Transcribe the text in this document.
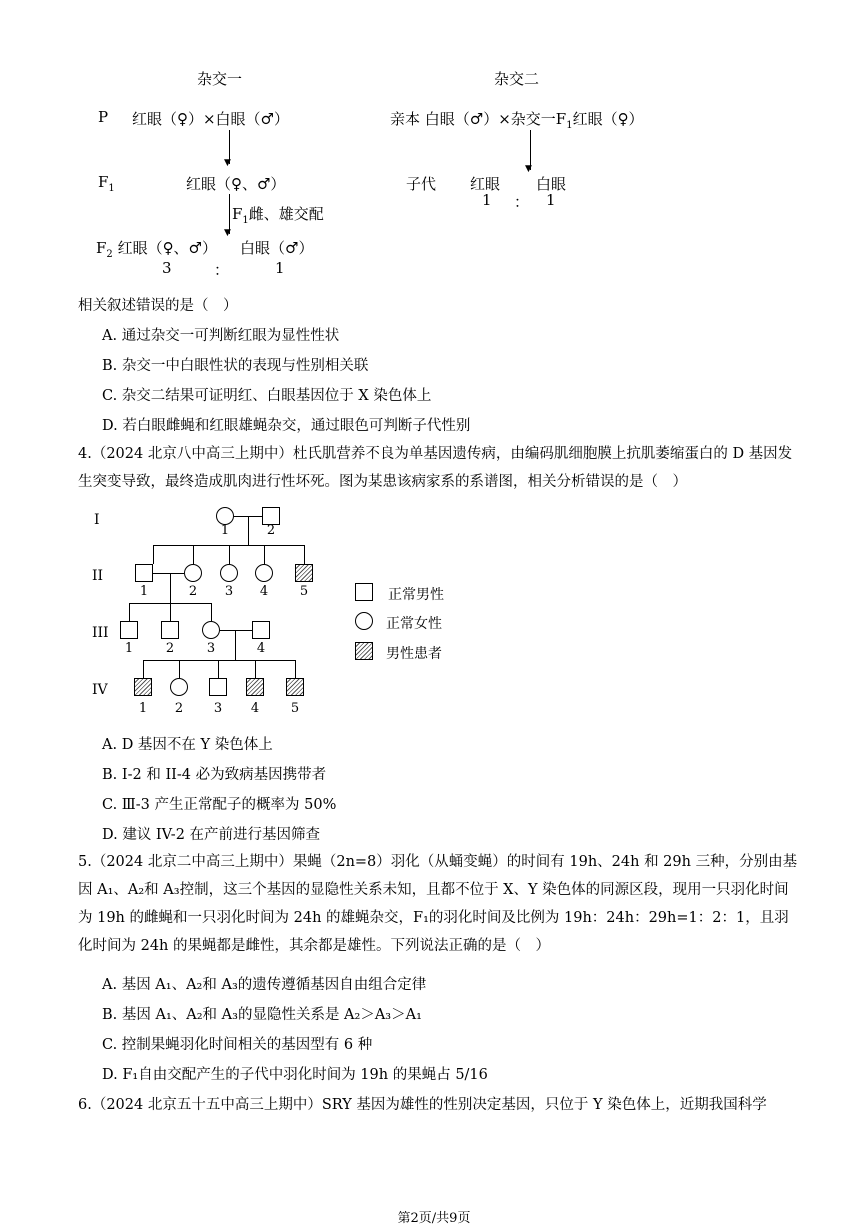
杂交一
P 红眼（♀）×白眼（♂）
▼
$F_1$	红眼（♀、♂）
▼
$F_1$雌、雄交配
$F_2$ 红眼（♀、♂） 白眼（♂）
3	：	1
杂交二
亲本 白眼（♂）×杂交一$F_1$红眼（♀）
▼
子代 红眼 白眼
1 ： 1
相关叙述错误的是（　）
A. 通过杂交一可判断红眼为显性性状
B. 杂交一中白眼性状的表现与性别相关联
C. 杂交二结果可证明红、白眼基因位于 X 染色体上
D. 若白眼雌蝇和红眼雄蝇杂交，通过眼色可判断子代性别
4.（2024 北京八中高三上期中）杜氏肌营养不良为单基因遗传病，由编码肌细胞膜上抗肌萎缩蛋白的 D 基因发生突变导致，最终造成肌肉进行性坏死。图为某患该病家系的系谱图，相关分析错误的是（　）
I
II
III
IV
1	2
1	2 3 4 5
1	2	3	4
1 2 3 4 5
正常男性
正常女性
男性患者
A. D 基因不在 Y 染色体上
B. I-2 和 II-4 必为致病基因携带者
C. Ⅲ-3 产生正常配子的概率为 50%
D. 建议 IV-2 在产前进行基因筛查
5.（2024 北京二中高三上期中）果蝇（2n=8）羽化（从蛹变蝇）的时间有 19h、24h 和 29h 三种，分别由基因 A₁、A₂和 A₃控制，这三个基因的显隐性关系未知，且都不位于 X、Y 染色体的同源区段，现用一只羽化时间为 19h 的雌蝇和一只羽化时间为 24h 的雄蝇杂交，F₁的羽化时间及比例为 19h：24h：29h=1：2：1，且羽化时间为 24h 的果蝇都是雌性，其余都是雄性。下列说法正确的是（　）
A. 基因 A₁、A₂和 A₃的遗传遵循基因自由组合定律
B. 基因 A₁、A₂和 A₃的显隐性关系是 A₂＞A₃＞A₁
C. 控制果蝇羽化时间相关的基因型有 6 种
D. F₁自由交配产生的子代中羽化时间为 19h 的果蝇占 5/16
6.（2024 北京五十五中高三上期中）SRY 基因为雄性的性别决定基因，只位于 Y 染色体上，近期我国科学
第2页/共9页
